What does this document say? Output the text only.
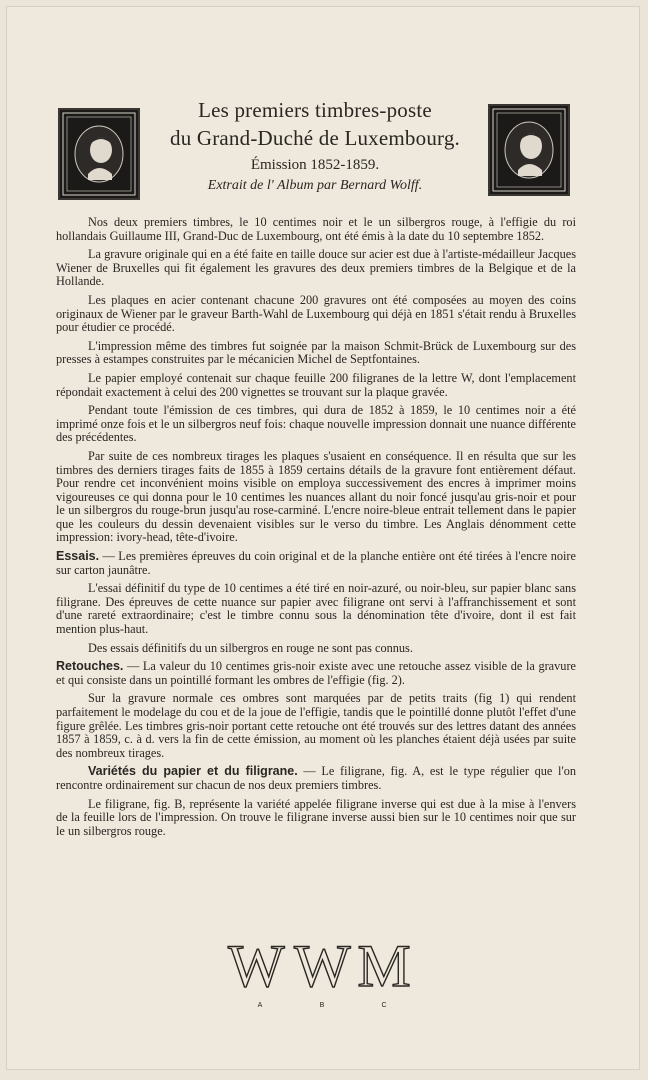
Les premiers timbres-poste
du Grand-Duché de Luxembourg.
Émission 1852-1859.
Extrait de l' Album par Bernard Wolff.

Nos deux premiers timbres, le 10 centimes noir et le un silbergros rouge, à l'effigie du roi hollandais Guillaume III, Grand-Duc de Luxembourg, ont été émis à la date du 10 septembre 1852.

La gravure originale qui en a été faite en taille douce sur acier est due à l'artiste-médailleur Jacques Wiener de Bruxelles qui fit également les gravures des deux premiers timbres de la Belgique et de la Hollande.

Les plaques en acier contenant chacune 200 gravures ont été composées au moyen des coins originaux de Wiener par le graveur Barth-Wahl de Luxembourg qui déjà en 1851 s'était rendu à Bruxelles pour étudier ce procédé.

L'impression même des timbres fut soignée par la maison Schmit-Brück de Luxembourg sur des presses à estampes construites par le mécanicien Michel de Septfontaines.

Le papier employé contenait sur chaque feuille 200 filigranes de la lettre W, dont l'emplacement répondait exactement à celui des 200 vignettes se trouvant sur la plaque gravée.

Pendant toute l'émission de ces timbres, qui dura de 1852 à 1859, le 10 centimes noir a été imprimé onze fois et le un silbergros neuf fois: chaque nouvelle impression donnait une nuance différente des précédentes.

Par suite de ces nombreux tirages les plaques s'usaient en conséquence. Il en résulta que sur les timbres des derniers tirages faits de 1855 à 1859 certains détails de la gravure font entièrement défaut. Pour rendre cet inconvénient moins visible on employa successivement des encres à imprimer moins vigoureuses ce qui donna pour le 10 centimes les nuances allant du noir foncé jusqu'au gris-noir et pour le un silbergros du rouge-brun jusqu'au rose-carminé. L'encre noire-bleue entrait tellement dans le papier que les couleurs du dessin devenaient visibles sur le verso du timbre. Les Anglais dénomment cette impression: ivory-head, tête-d'ivoire.

Essais. — Les premières épreuves du coin original et de la planche entière ont été tirées à l'encre noire sur carton jaunâtre.

L'essai définitif du type de 10 centimes a été tiré en noir-azuré, ou noir-bleu, sur papier blanc sans filigrane. Des épreuves de cette nuance sur papier avec filigrane ont servi à l'affranchissement et sont d'une rareté extraordinaire; c'est le timbre connu sous la dénomination tête d'ivoire, dont il est fait mention plus-haut.

Des essais définitifs du un silbergros en rouge ne sont pas connus.

Retouches. — La valeur du 10 centimes gris-noir existe avec une retouche assez visible de la gravure et qui consiste dans un pointillé formant les ombres de l'effigie (fig. 2).

Sur la gravure normale ces ombres sont marquées par de petits traits (fig 1) qui rendent parfaitement le modelage du cou et de la joue de l'effigie, tandis que le pointillé donne plutôt l'effet d'une figure grêlée. Les timbres gris-noir portant cette retouche ont été trouvés sur des lettres datant des années 1857 à 1859, c. à d. vers la fin de cette émission, au moment où les planches étaient déjà usées par suite des nombreux tirages.

Variétés du papier et du filigrane. — Le filigrane, fig. A, est le type régulier que l'on rencontre ordinairement sur chacun de nos deux premiers timbres.

Le filigrane, fig. B, représente la variété appelée filigrane inverse qui est due à la mise à l'envers de la feuille lors de l'impression. On trouve le filigrane inverse aussi bien sur le 10 centimes noir que sur le un silbergros rouge.

W W M
A	B	C
